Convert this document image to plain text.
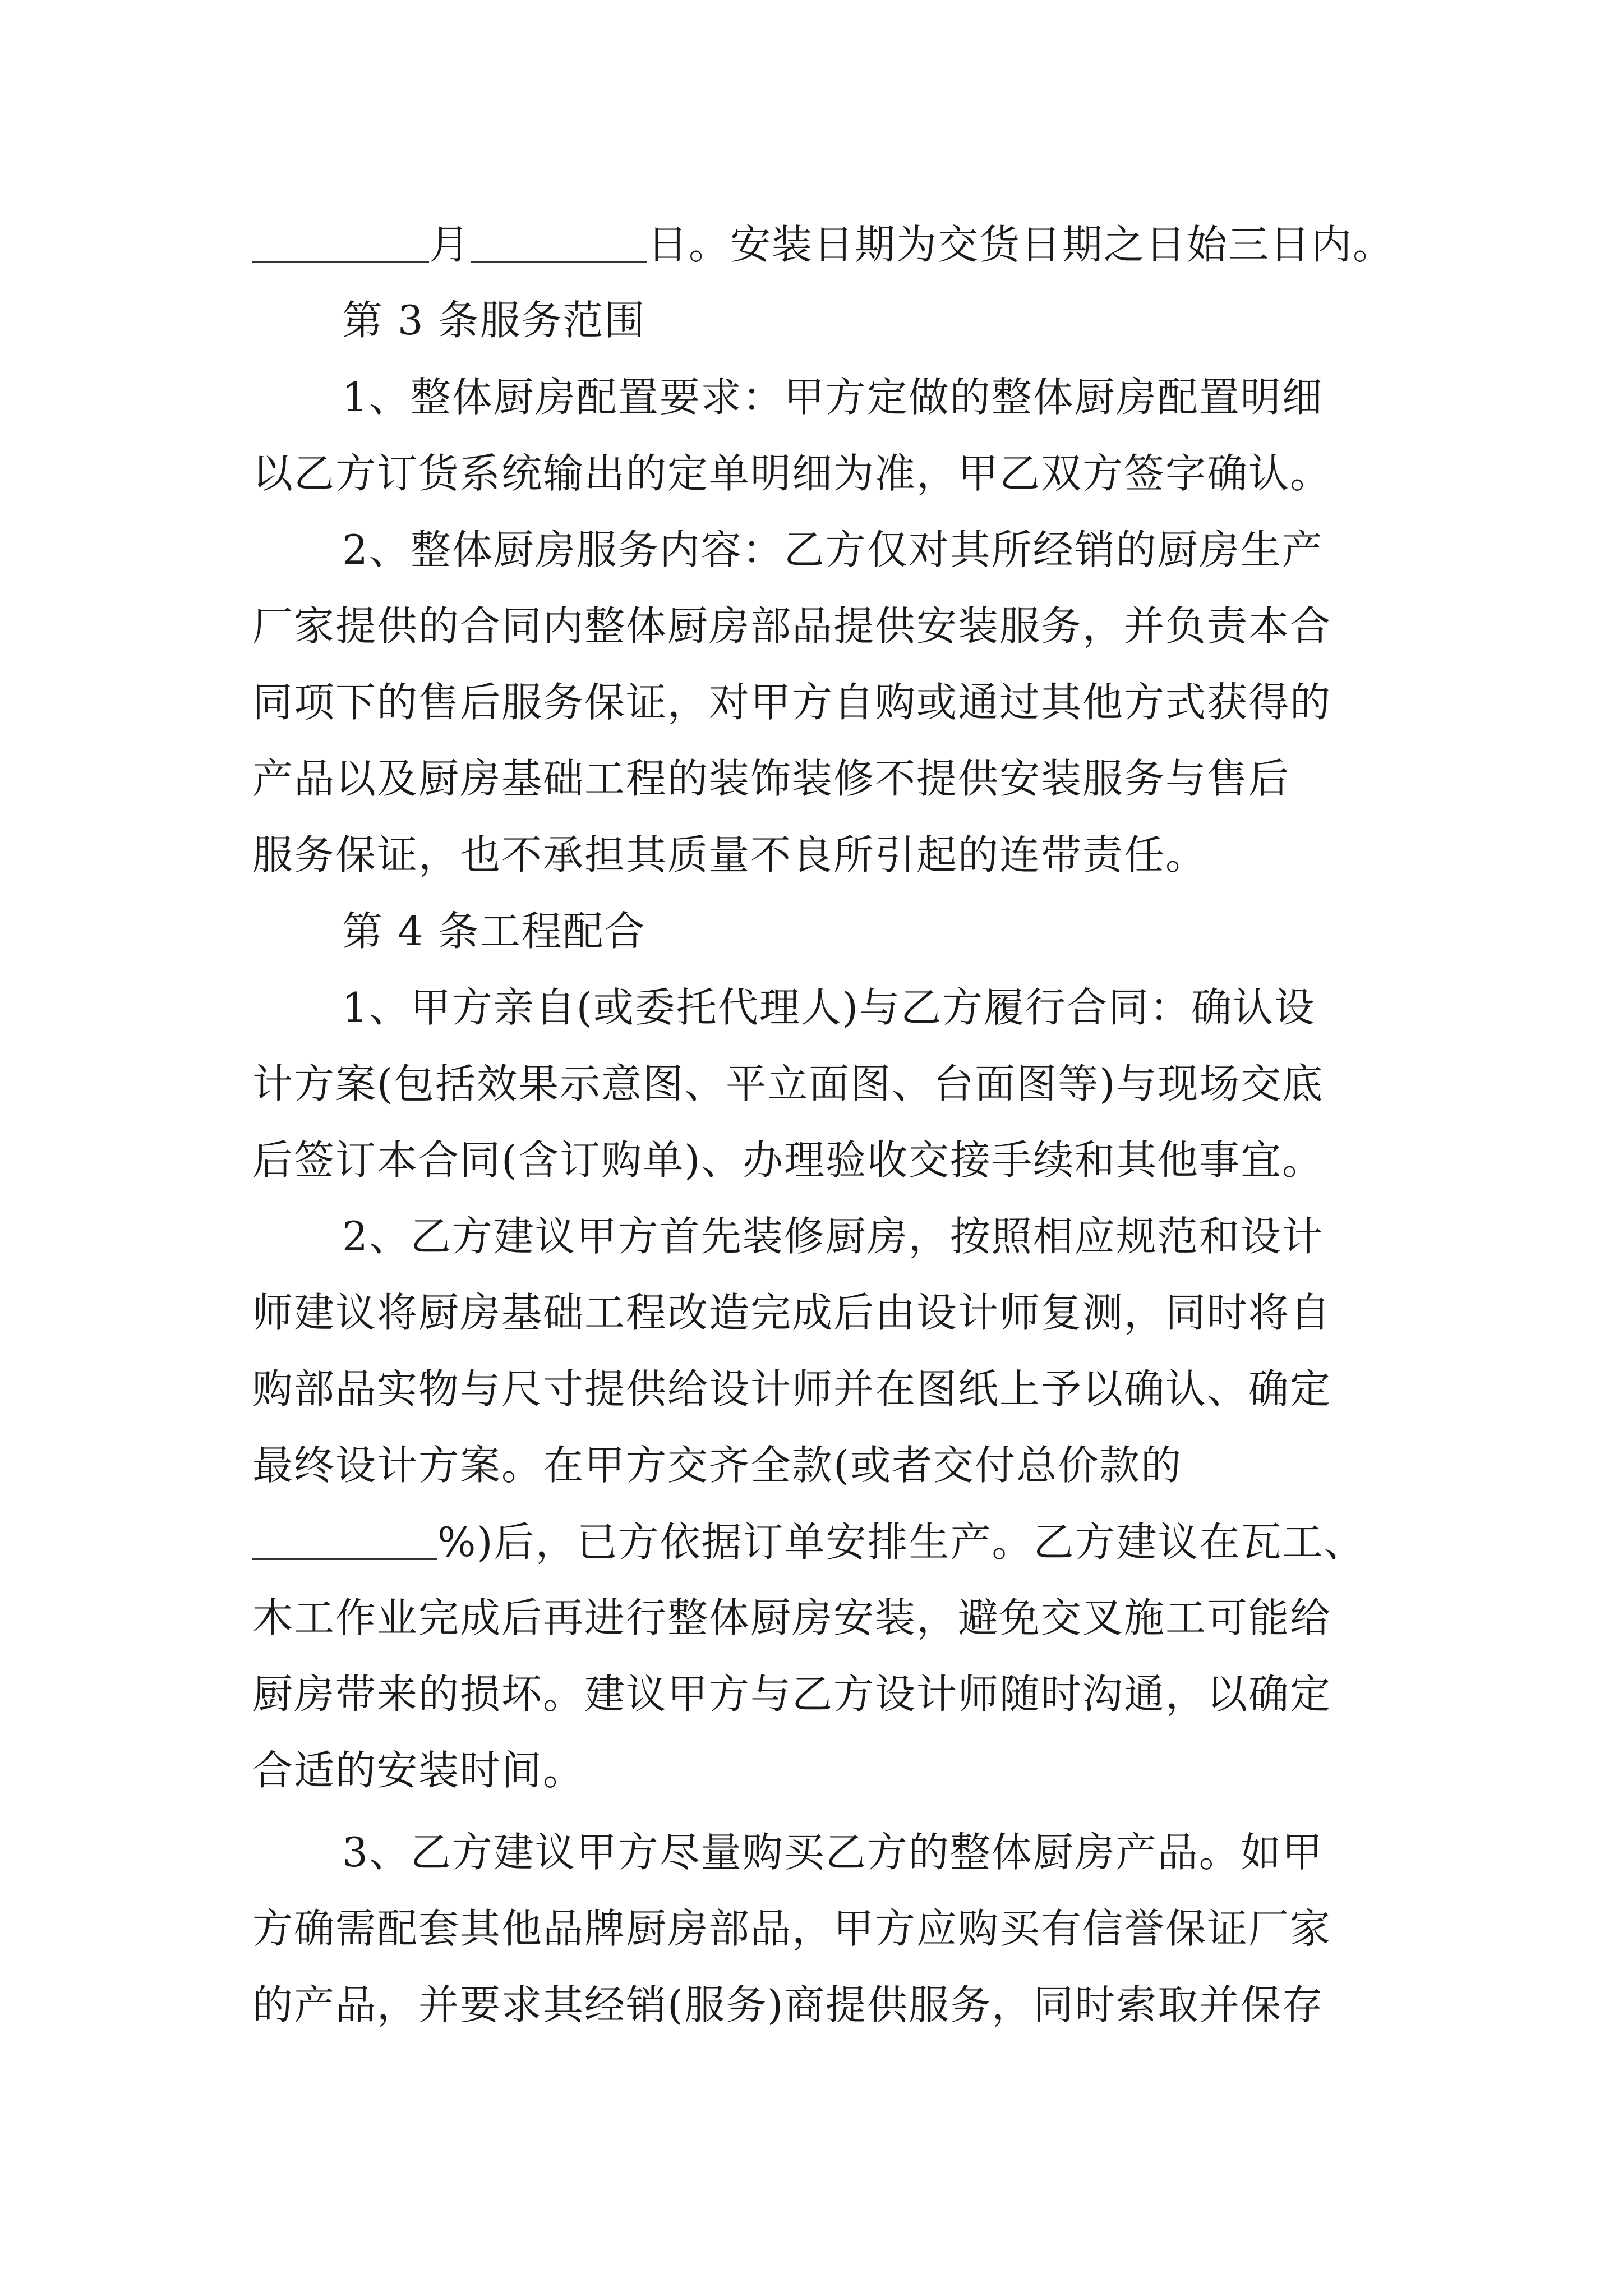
月	日。安装日期为交货日期之日始三日内。
第 3 条服务范围
1、整体厨房配置要求：甲方定做的整体厨房配置明细
以乙方订货系统输出的定单明细为准，甲乙双方签字确认。
2、整体厨房服务内容：乙方仅对其所经销的厨房生产
厂家提供的合同内整体厨房部品提供安装服务，并负责本合
同项下的售后服务保证，对甲方自购或通过其他方式获得的
产品以及厨房基础工程的装饰装修不提供安装服务与售后
服务保证，也不承担其质量不良所引起的连带责任。
第 4 条工程配合
1、甲方亲自(或委托代理人)与乙方履行合同：确认设
计方案(包括效果示意图、平立面图、台面图等)与现场交底
后签订本合同(含订购单)、办理验收交接手续和其他事宜。
2、乙方建议甲方首先装修厨房，按照相应规范和设计
师建议将厨房基础工程改造完成后由设计师复测，同时将自
购部品实物与尺寸提供给设计师并在图纸上予以确认、确定
最终设计方案。在甲方交齐全款(或者交付总价款的
%)后，已方依据订单安排生产。乙方建议在瓦工、
木工作业完成后再进行整体厨房安装，避免交叉施工可能给
厨房带来的损坏。建议甲方与乙方设计师随时沟通，以确定
合适的安装时间。
3、乙方建议甲方尽量购买乙方的整体厨房产品。如甲
方确需配套其他品牌厨房部品，甲方应购买有信誉保证厂家
的产品，并要求其经销(服务)商提供服务，同时索取并保存
